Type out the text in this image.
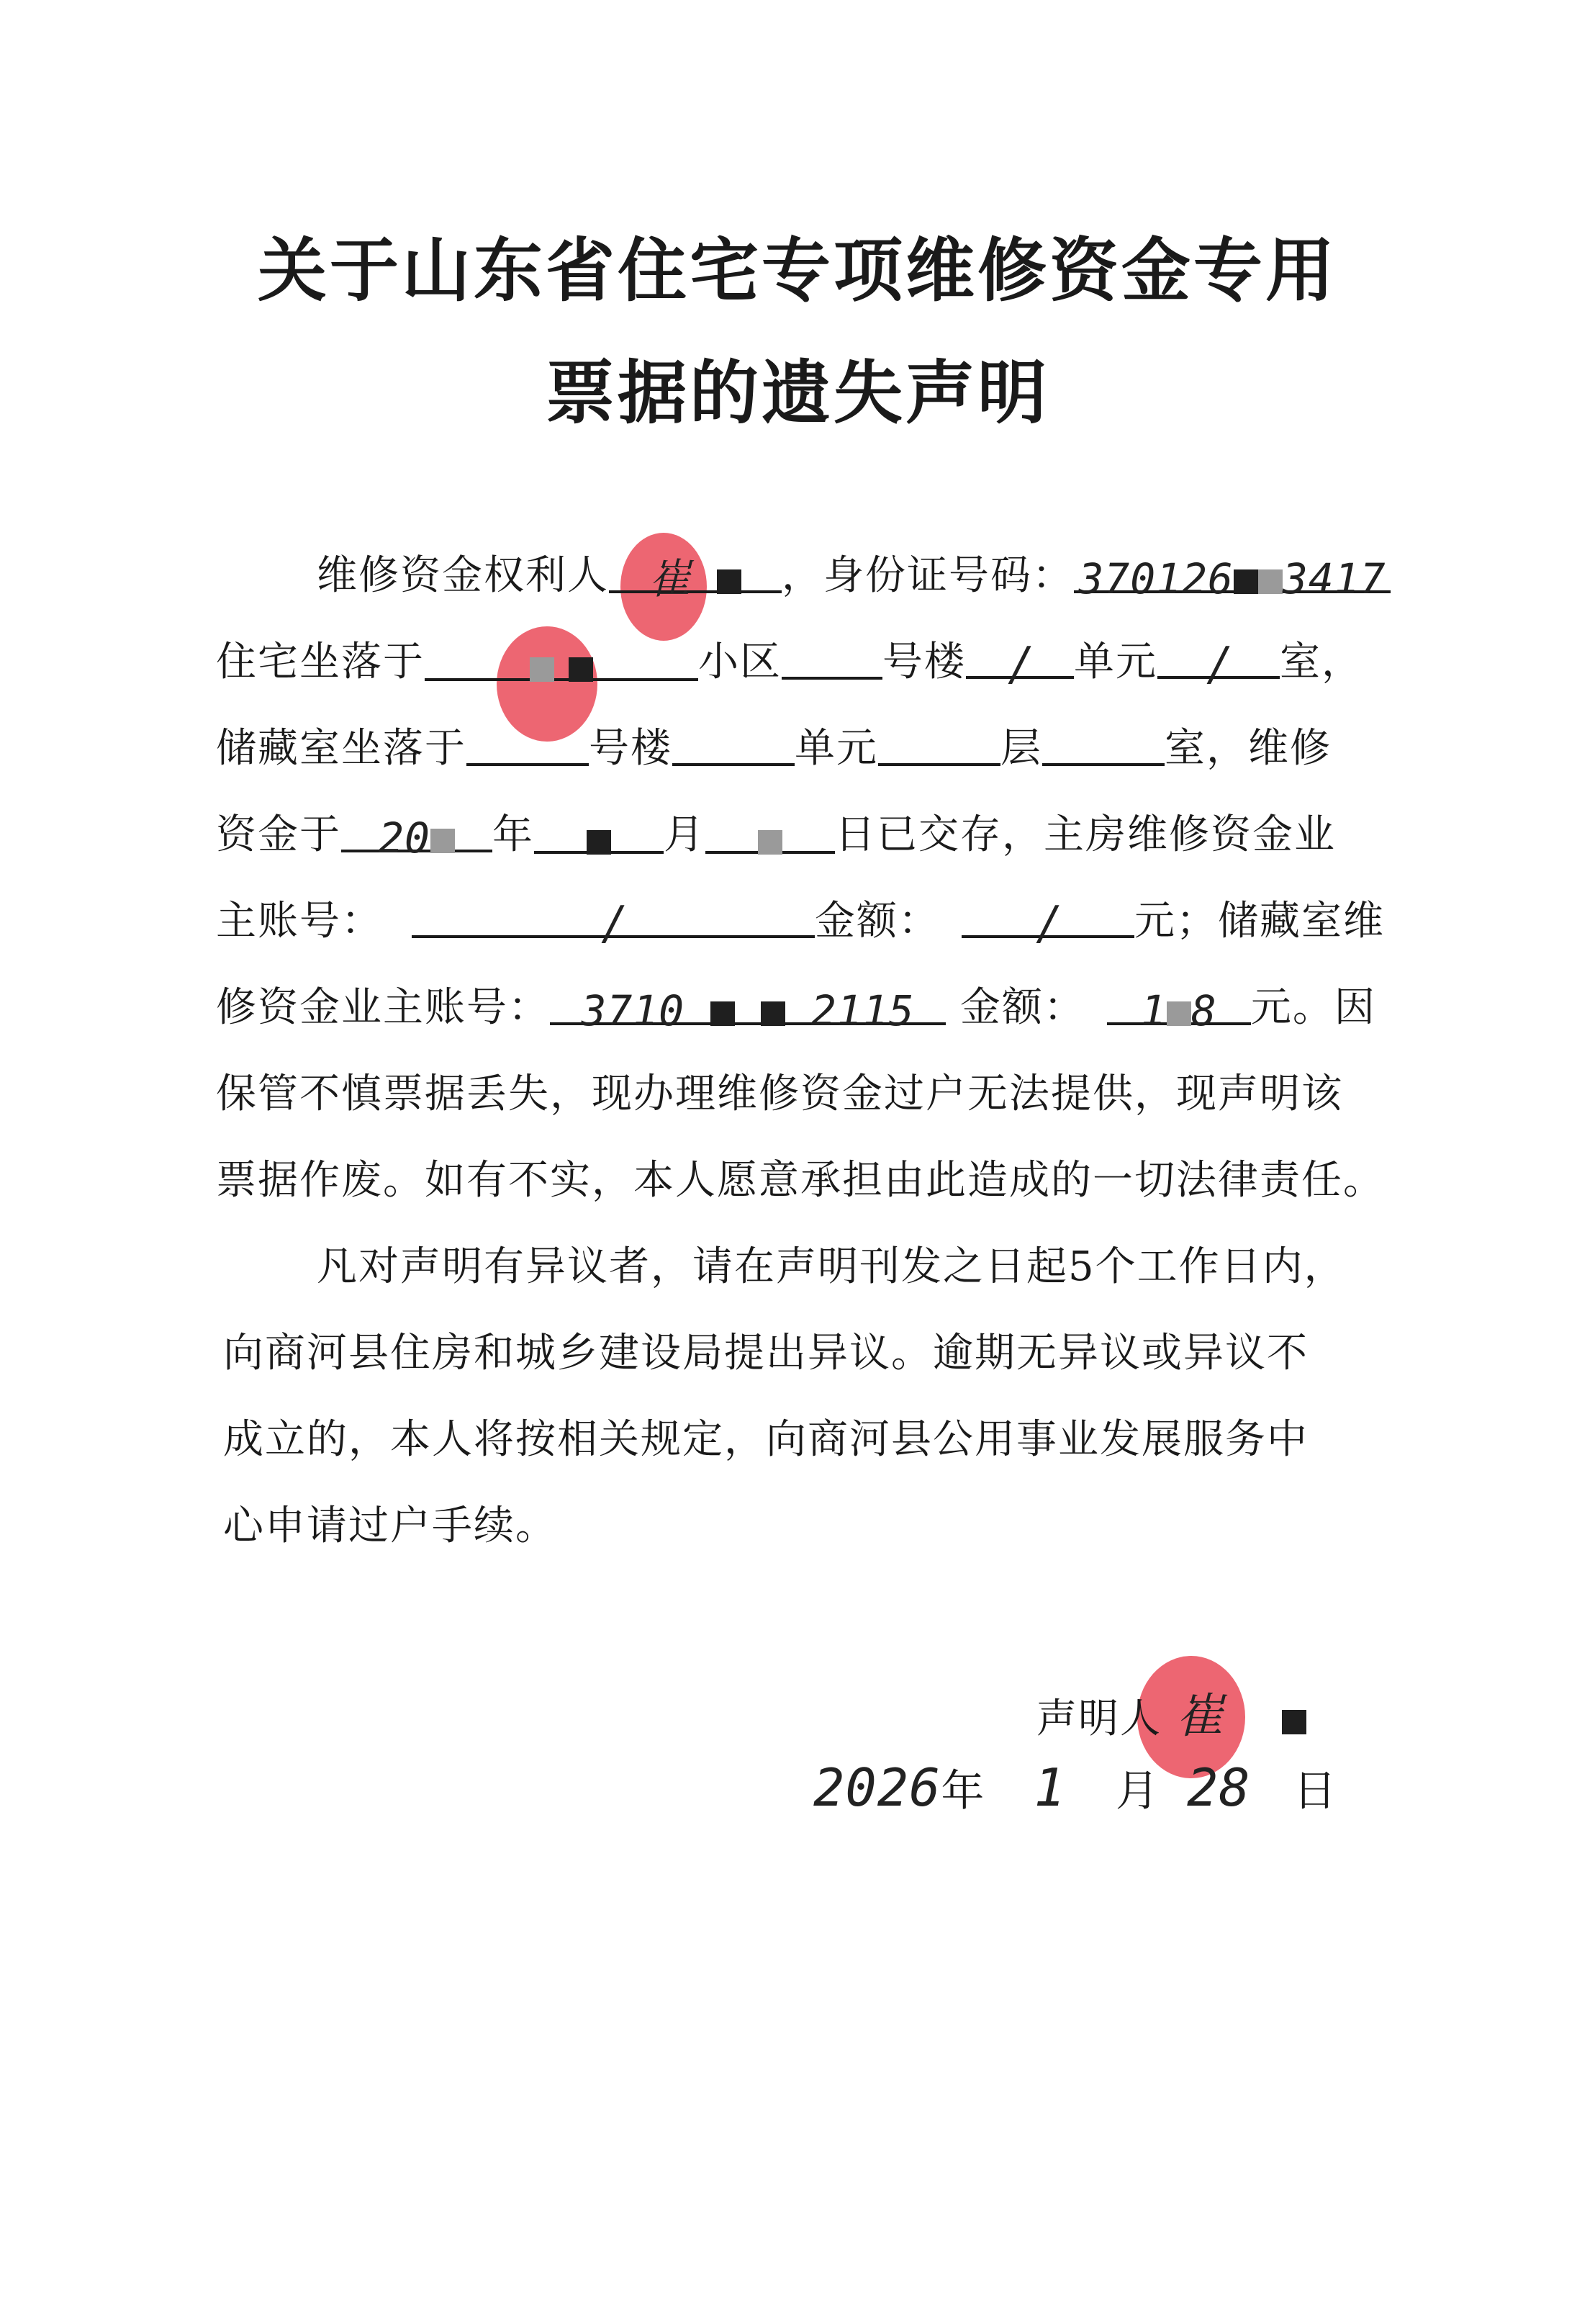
关于山东省住宅专项维修资金专用
票据的遗失声明
维修资金权利人 崔 ，身份证号码： 370126 3417
住宅坐落于	小区	号楼 / 单元 / 室，
储藏室坐落于	号楼	单元	层	室，维修
资金于 20 年	月	日已交存，主房维修资金业
主账号：	/	金额： / 元；储藏室维
修资金业主账号： 3710	2115 金额： 1 8 元。因
保管不慎票据丢失，现办理维修资金过户无法提供，现声明该
票据作废。如有不实，本人愿意承担由此造成的一切法律责任。
凡对声明有异议者，请在声明刊发之日起5个工作日内，
向商河县住房和城乡建设局提出异议。逾期无异议或异议不
成立的，本人将按相关规定，向商河县公用事业发展服务中
心申请过户手续。
声明人 崔
2026年 1 月 28 日
